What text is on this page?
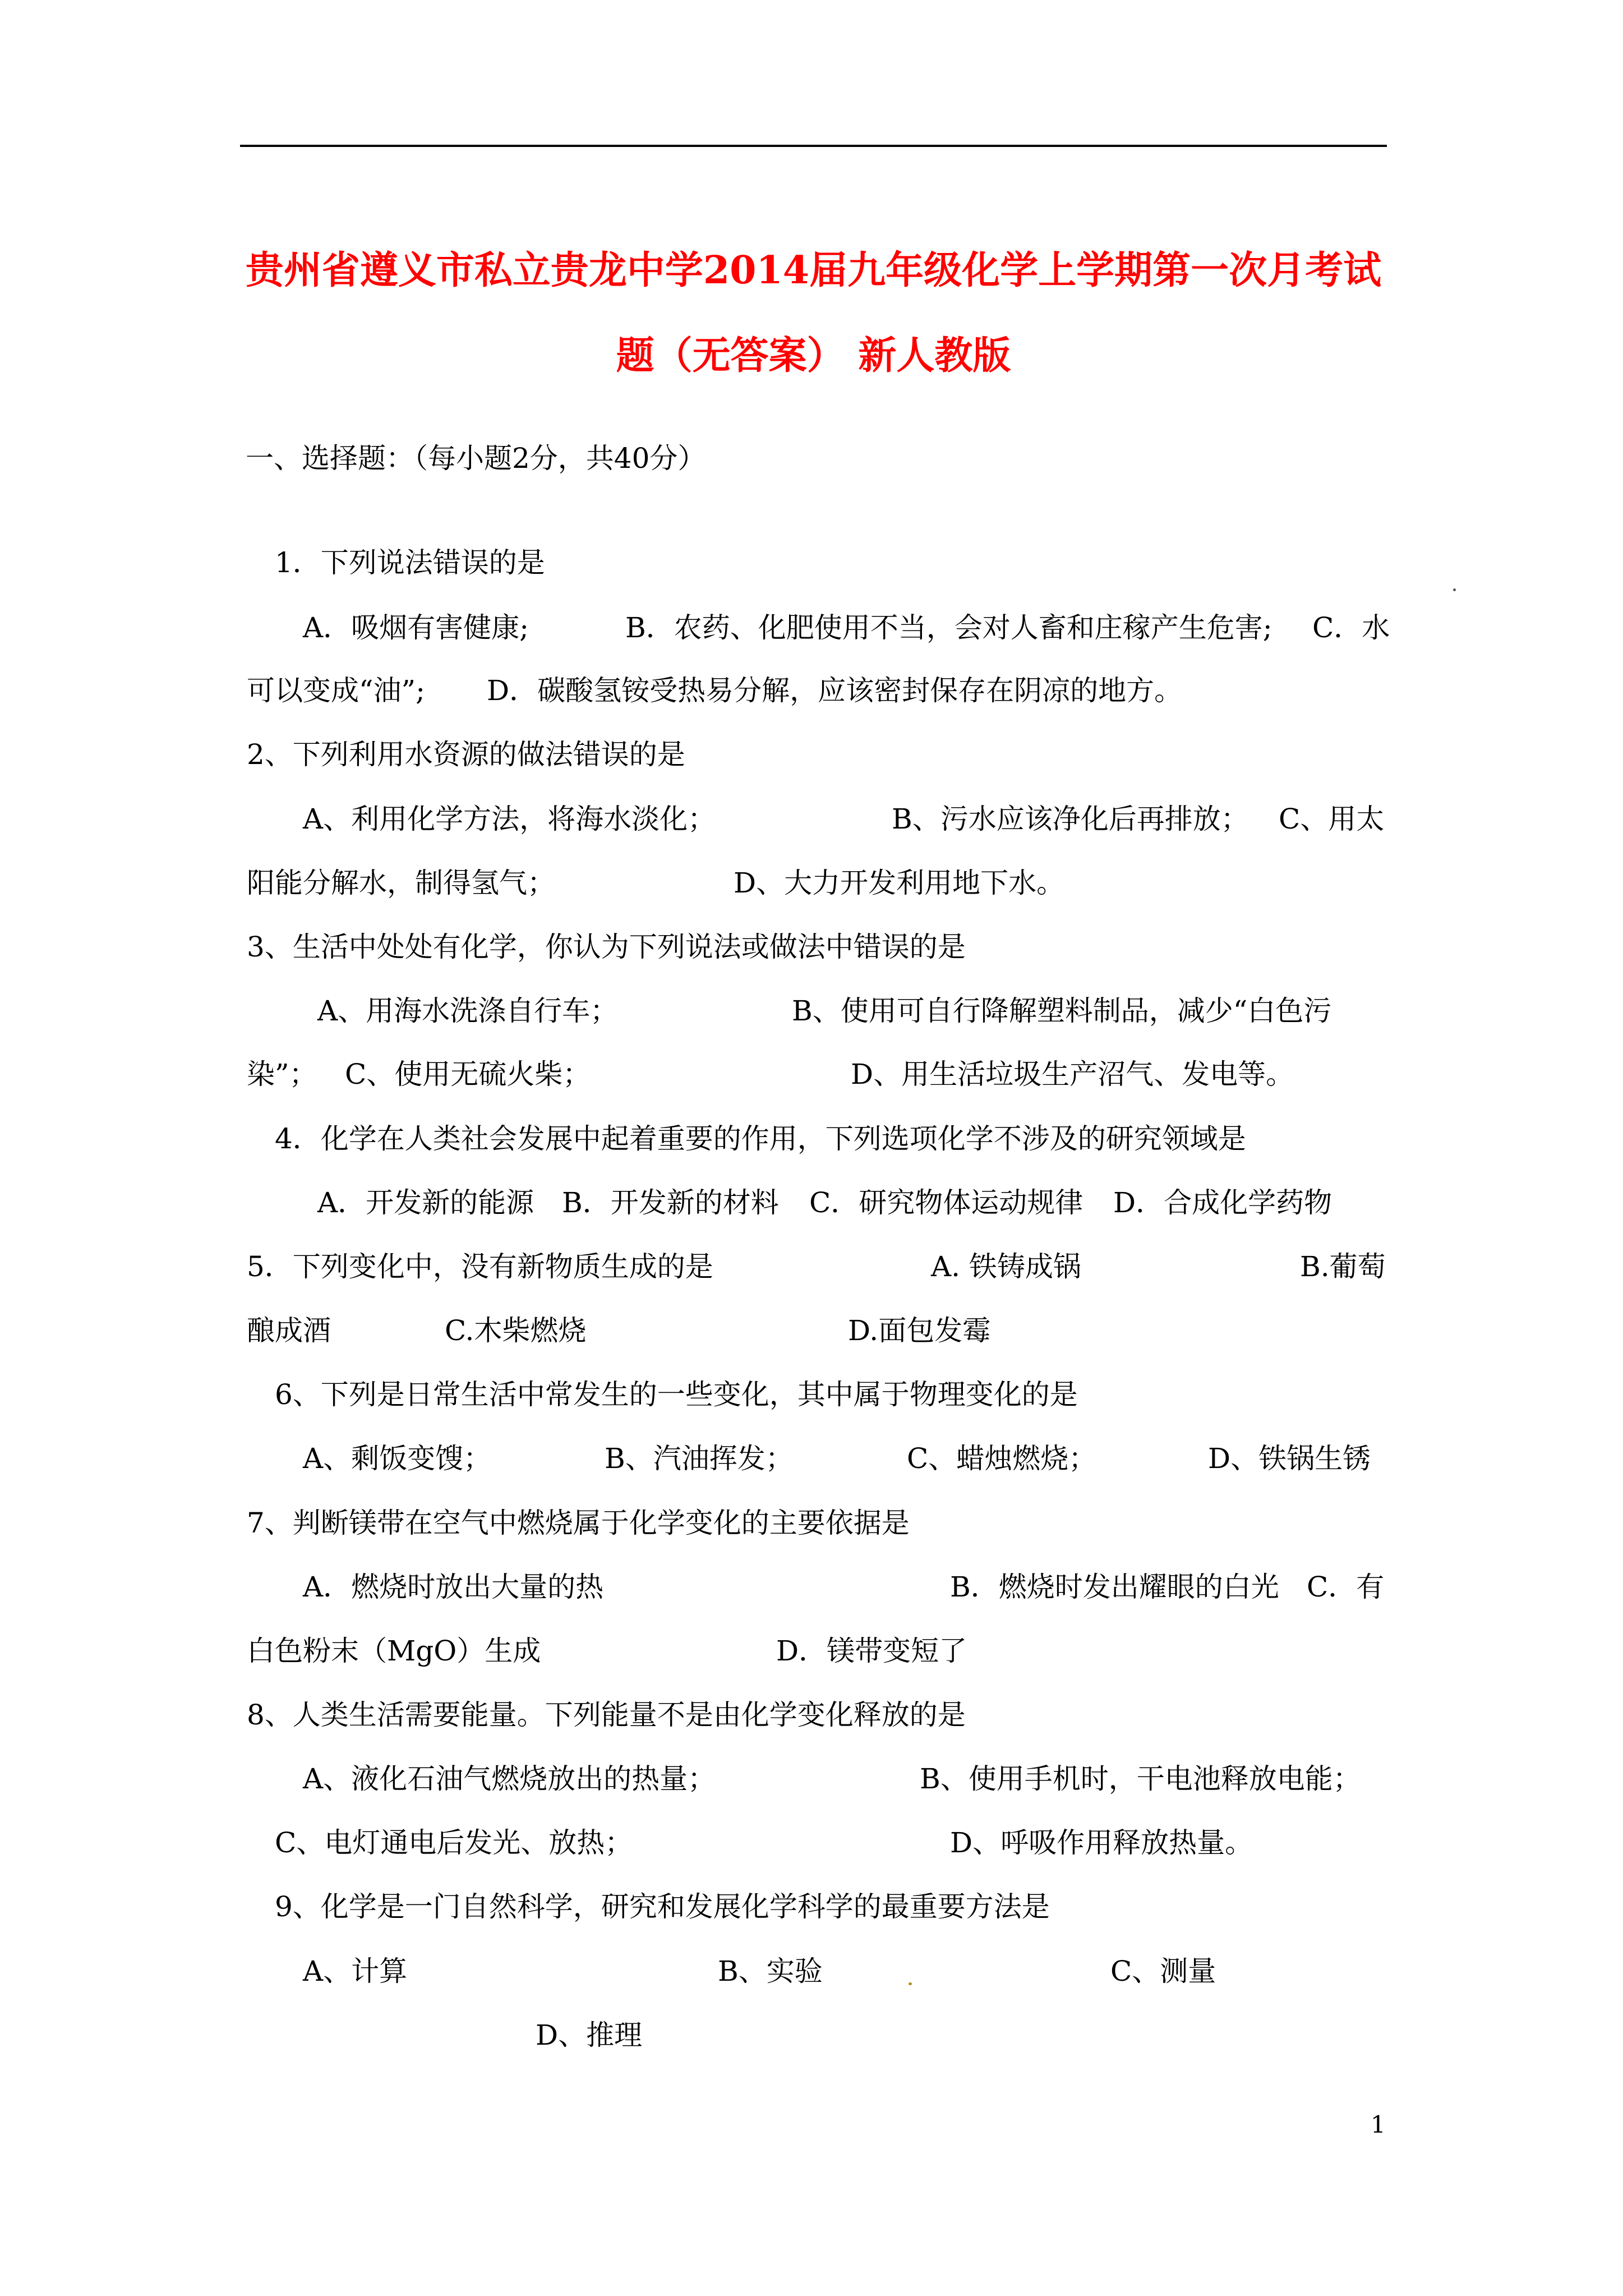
贵州省遵义市私立贵龙中学2014届九年级化学上学期第一次月考试
题（无答案） 新人教版
一、选择题：（每小题2分，共40分）
1．下列说法错误的是
A．吸烟有害健康;	B．农药、化肥使用不当，会对人畜和庄稼产生危害; C．水
可以变成“油”; D．碳酸氢铵受热易分解，应该密封保存在阴凉的地方。
2、下列利用水资源的做法错误的是
A、利用化学方法，将海水淡化；	B、污水应该净化后再排放； C、用太
阳能分解水，制得氢气；	D、大力开发利用地下水。
3、生活中处处有化学，你认为下列说法或做法中错误的是
A、用海水洗涤自行车；	B、使用可自行降解塑料制品，减少“白色污
染”； C、使用无硫火柴；	D、用生活垃圾生产沼气、发电等。
4．化学在人类社会发展中起着重要的作用，下列选项化学不涉及的研究领域是
A．开发新的能源 B．开发新的材料 C．研究物体运动规律 D．合成化学药物
5．下列变化中，没有新物质生成的是	A. 铁铸成锅	B.葡萄
酿成酒	C.木柴燃烧	D.面包发霉
6、下列是日常生活中常发生的一些变化，其中属于物理变化的是
A、剩饭变馊；	B、汽油挥发；	C、蜡烛燃烧；	D、铁锅生锈
7、判断镁带在空气中燃烧属于化学变化的主要依据是
A．燃烧时放出大量的热	B．燃烧时发出耀眼的白光 C．有
白色粉末（MgO）生成	D．镁带变短了
8、人类生活需要能量。下列能量不是由化学变化释放的是
A、液化石油气燃烧放出的热量；	B、使用手机时，干电池释放电能；
C、电灯通电后发光、放热；	D、呼吸作用释放热量。
9、化学是一门自然科学，研究和发展化学科学的最重要方法是
A、计算	B、实验	C、测量
D、推理
1
